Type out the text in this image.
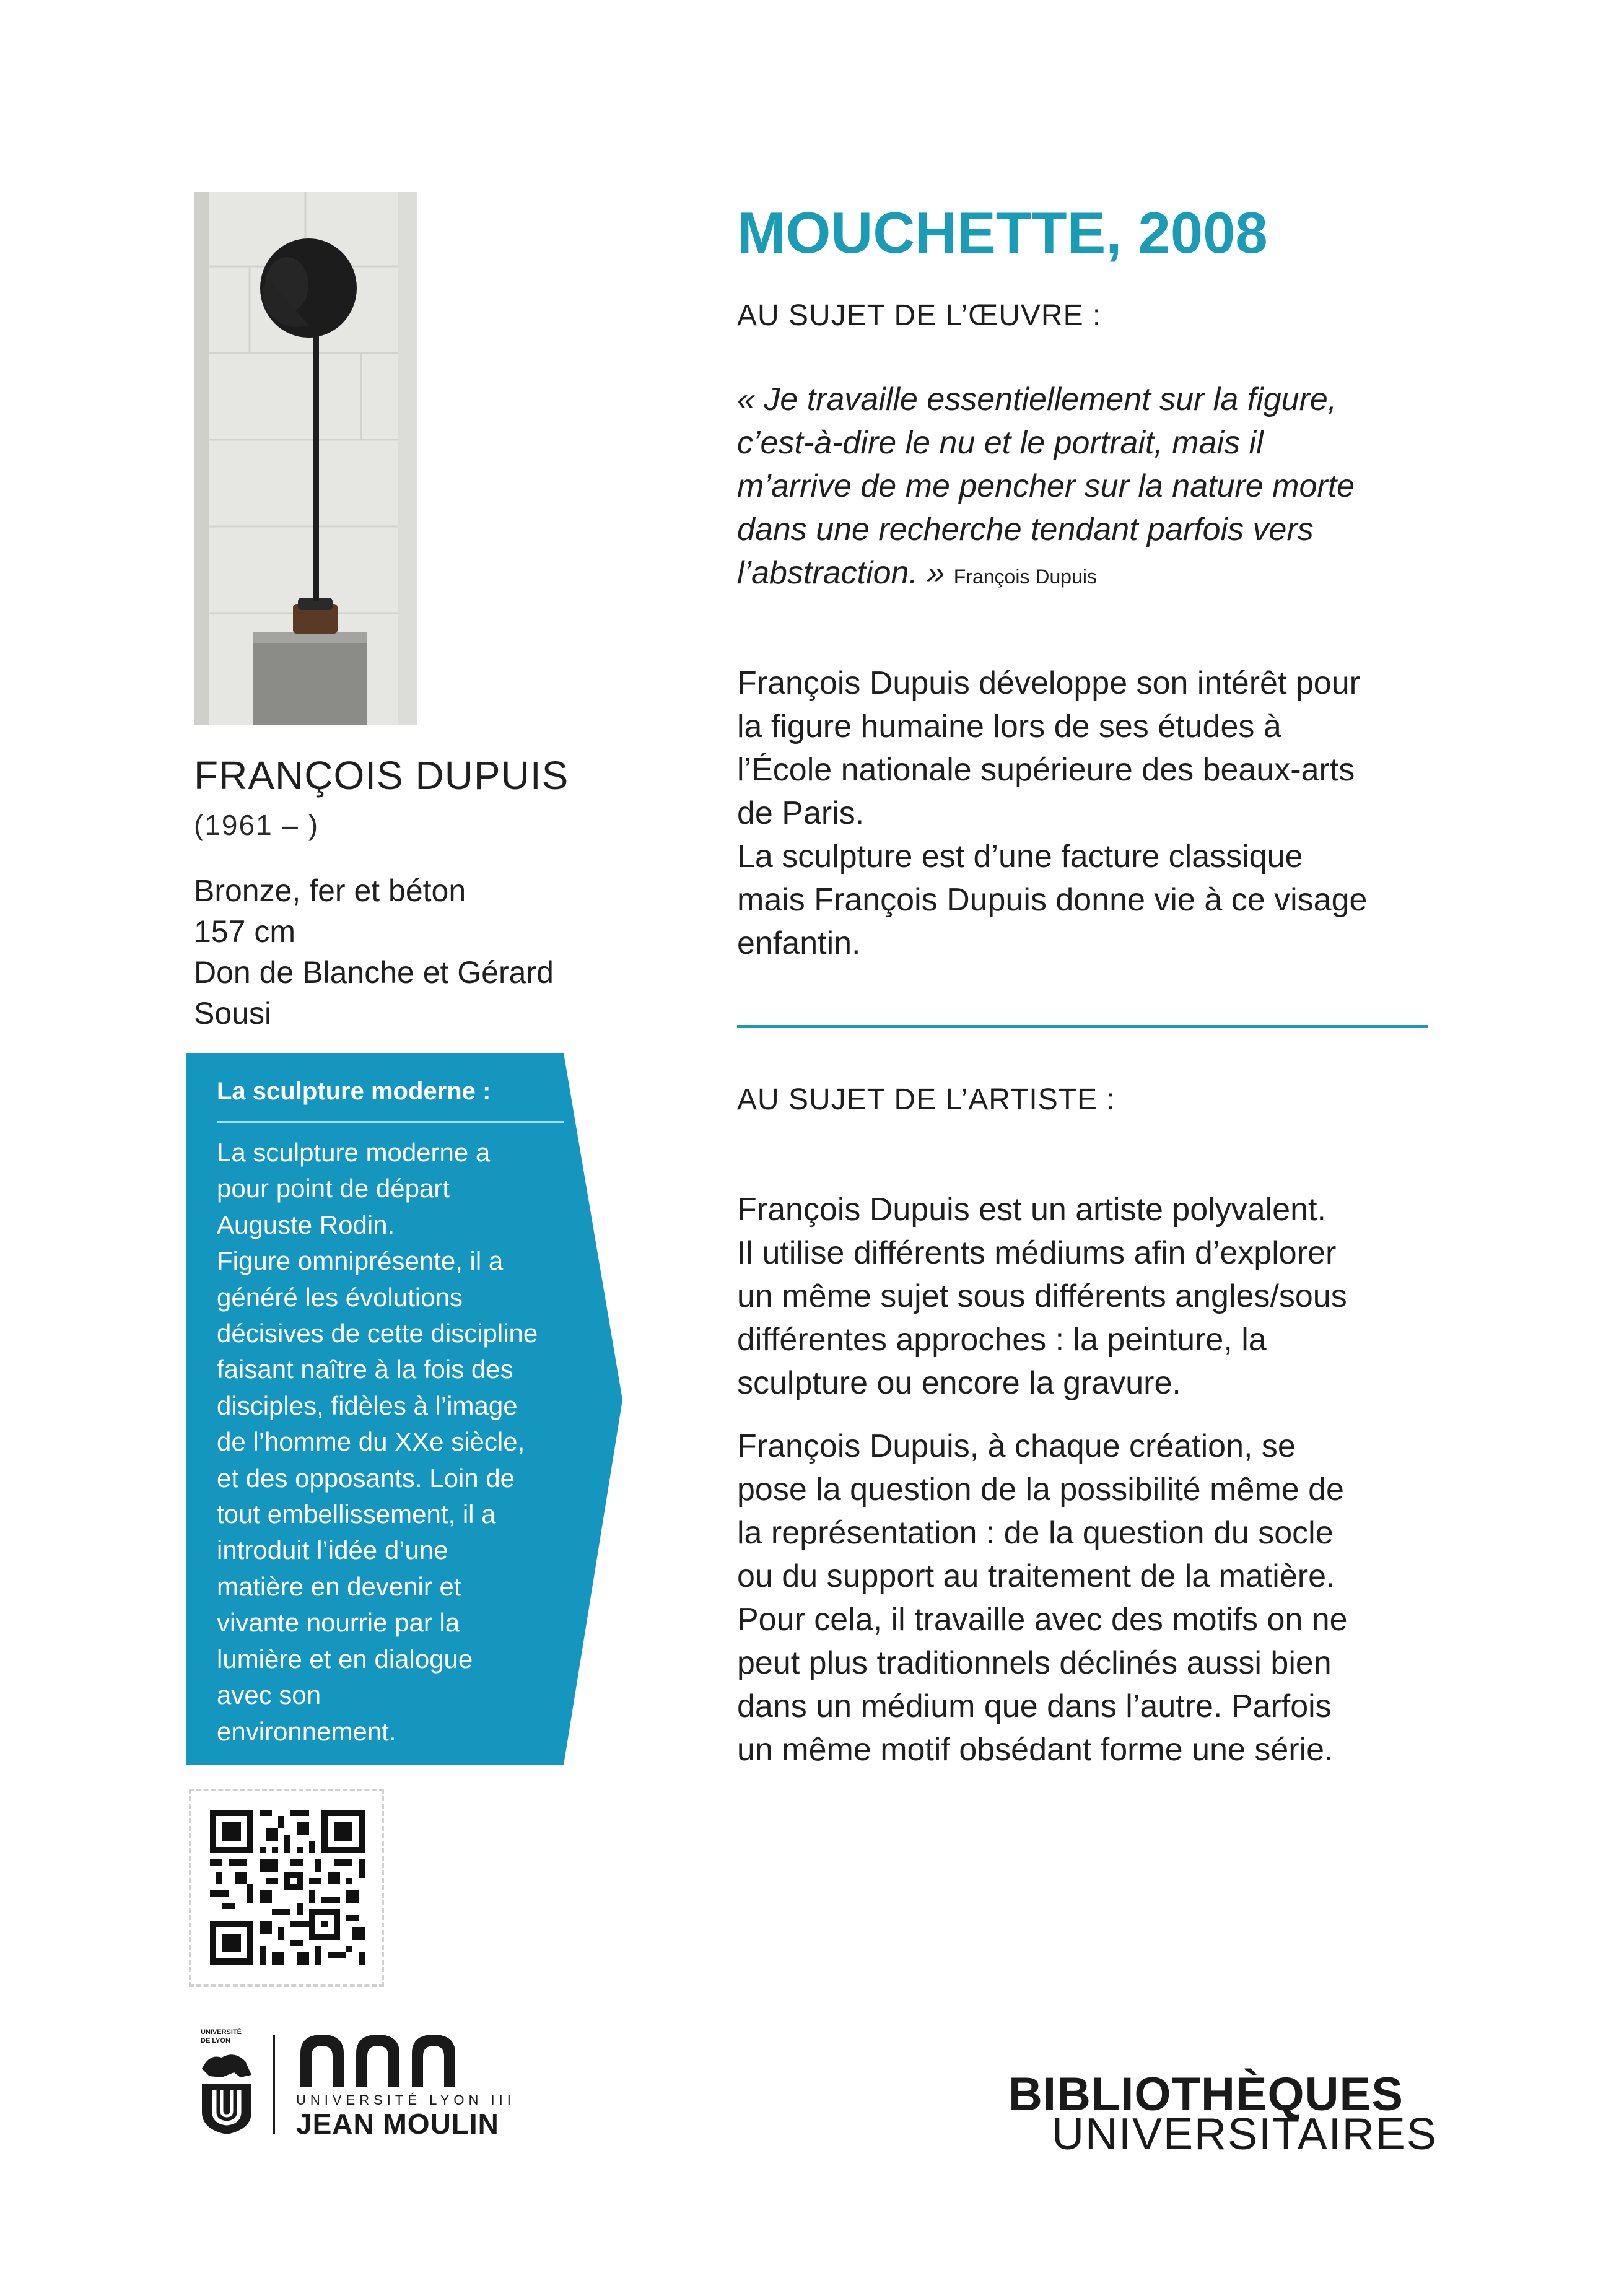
FRANÇOIS DUPUIS
(1961 – )
Bronze, fer et béton
157 cm
Don de Blanche et Gérard
Sousi
La sculpture moderne :
La sculpture moderne a
pour point de départ
Auguste Rodin.
Figure omniprésente, il a
généré les évolutions
décisives de cette discipline
faisant naître à la fois des
disciples, fidèles à l’image
de l’homme du XXe siècle,
et des opposants. Loin de
tout embellissement, il a
introduit l’idée d’une
matière en devenir et
vivante nourrie par la
lumière et en dialogue
avec son
environnement.
UNIVERSITÉ
DE LYON
UNIVERSITÉ LYON III
JEAN MOULIN
MOUCHETTE, 2008
AU SUJET DE L’ŒUVRE :
« Je travaille essentiellement sur la figure,
c’est-à-dire le nu et le portrait, mais il
m’arrive de me pencher sur la nature morte
dans une recherche tendant parfois vers
l’abstraction. » François Dupuis
François Dupuis développe son intérêt pour
la figure humaine lors de ses études à
l’École nationale supérieure des beaux-arts
de Paris.
La sculpture est d’une facture classique
mais François Dupuis donne vie à ce visage
enfantin.
AU SUJET DE L’ARTISTE :
François Dupuis est un artiste polyvalent.
Il utilise différents médiums afin d’explorer
un même sujet sous différents angles/sous
différentes approches : la peinture, la
sculpture ou encore la gravure.
François Dupuis, à chaque création, se
pose la question de la possibilité même de
la représentation : de la question du socle
ou du support au traitement de la matière.
Pour cela, il travaille avec des motifs on ne
peut plus traditionnels déclinés aussi bien
dans un médium que dans l’autre. Parfois
un même motif obsédant forme une série.
BIBLIOTHÈQUES
UNIVERSITAIRES
